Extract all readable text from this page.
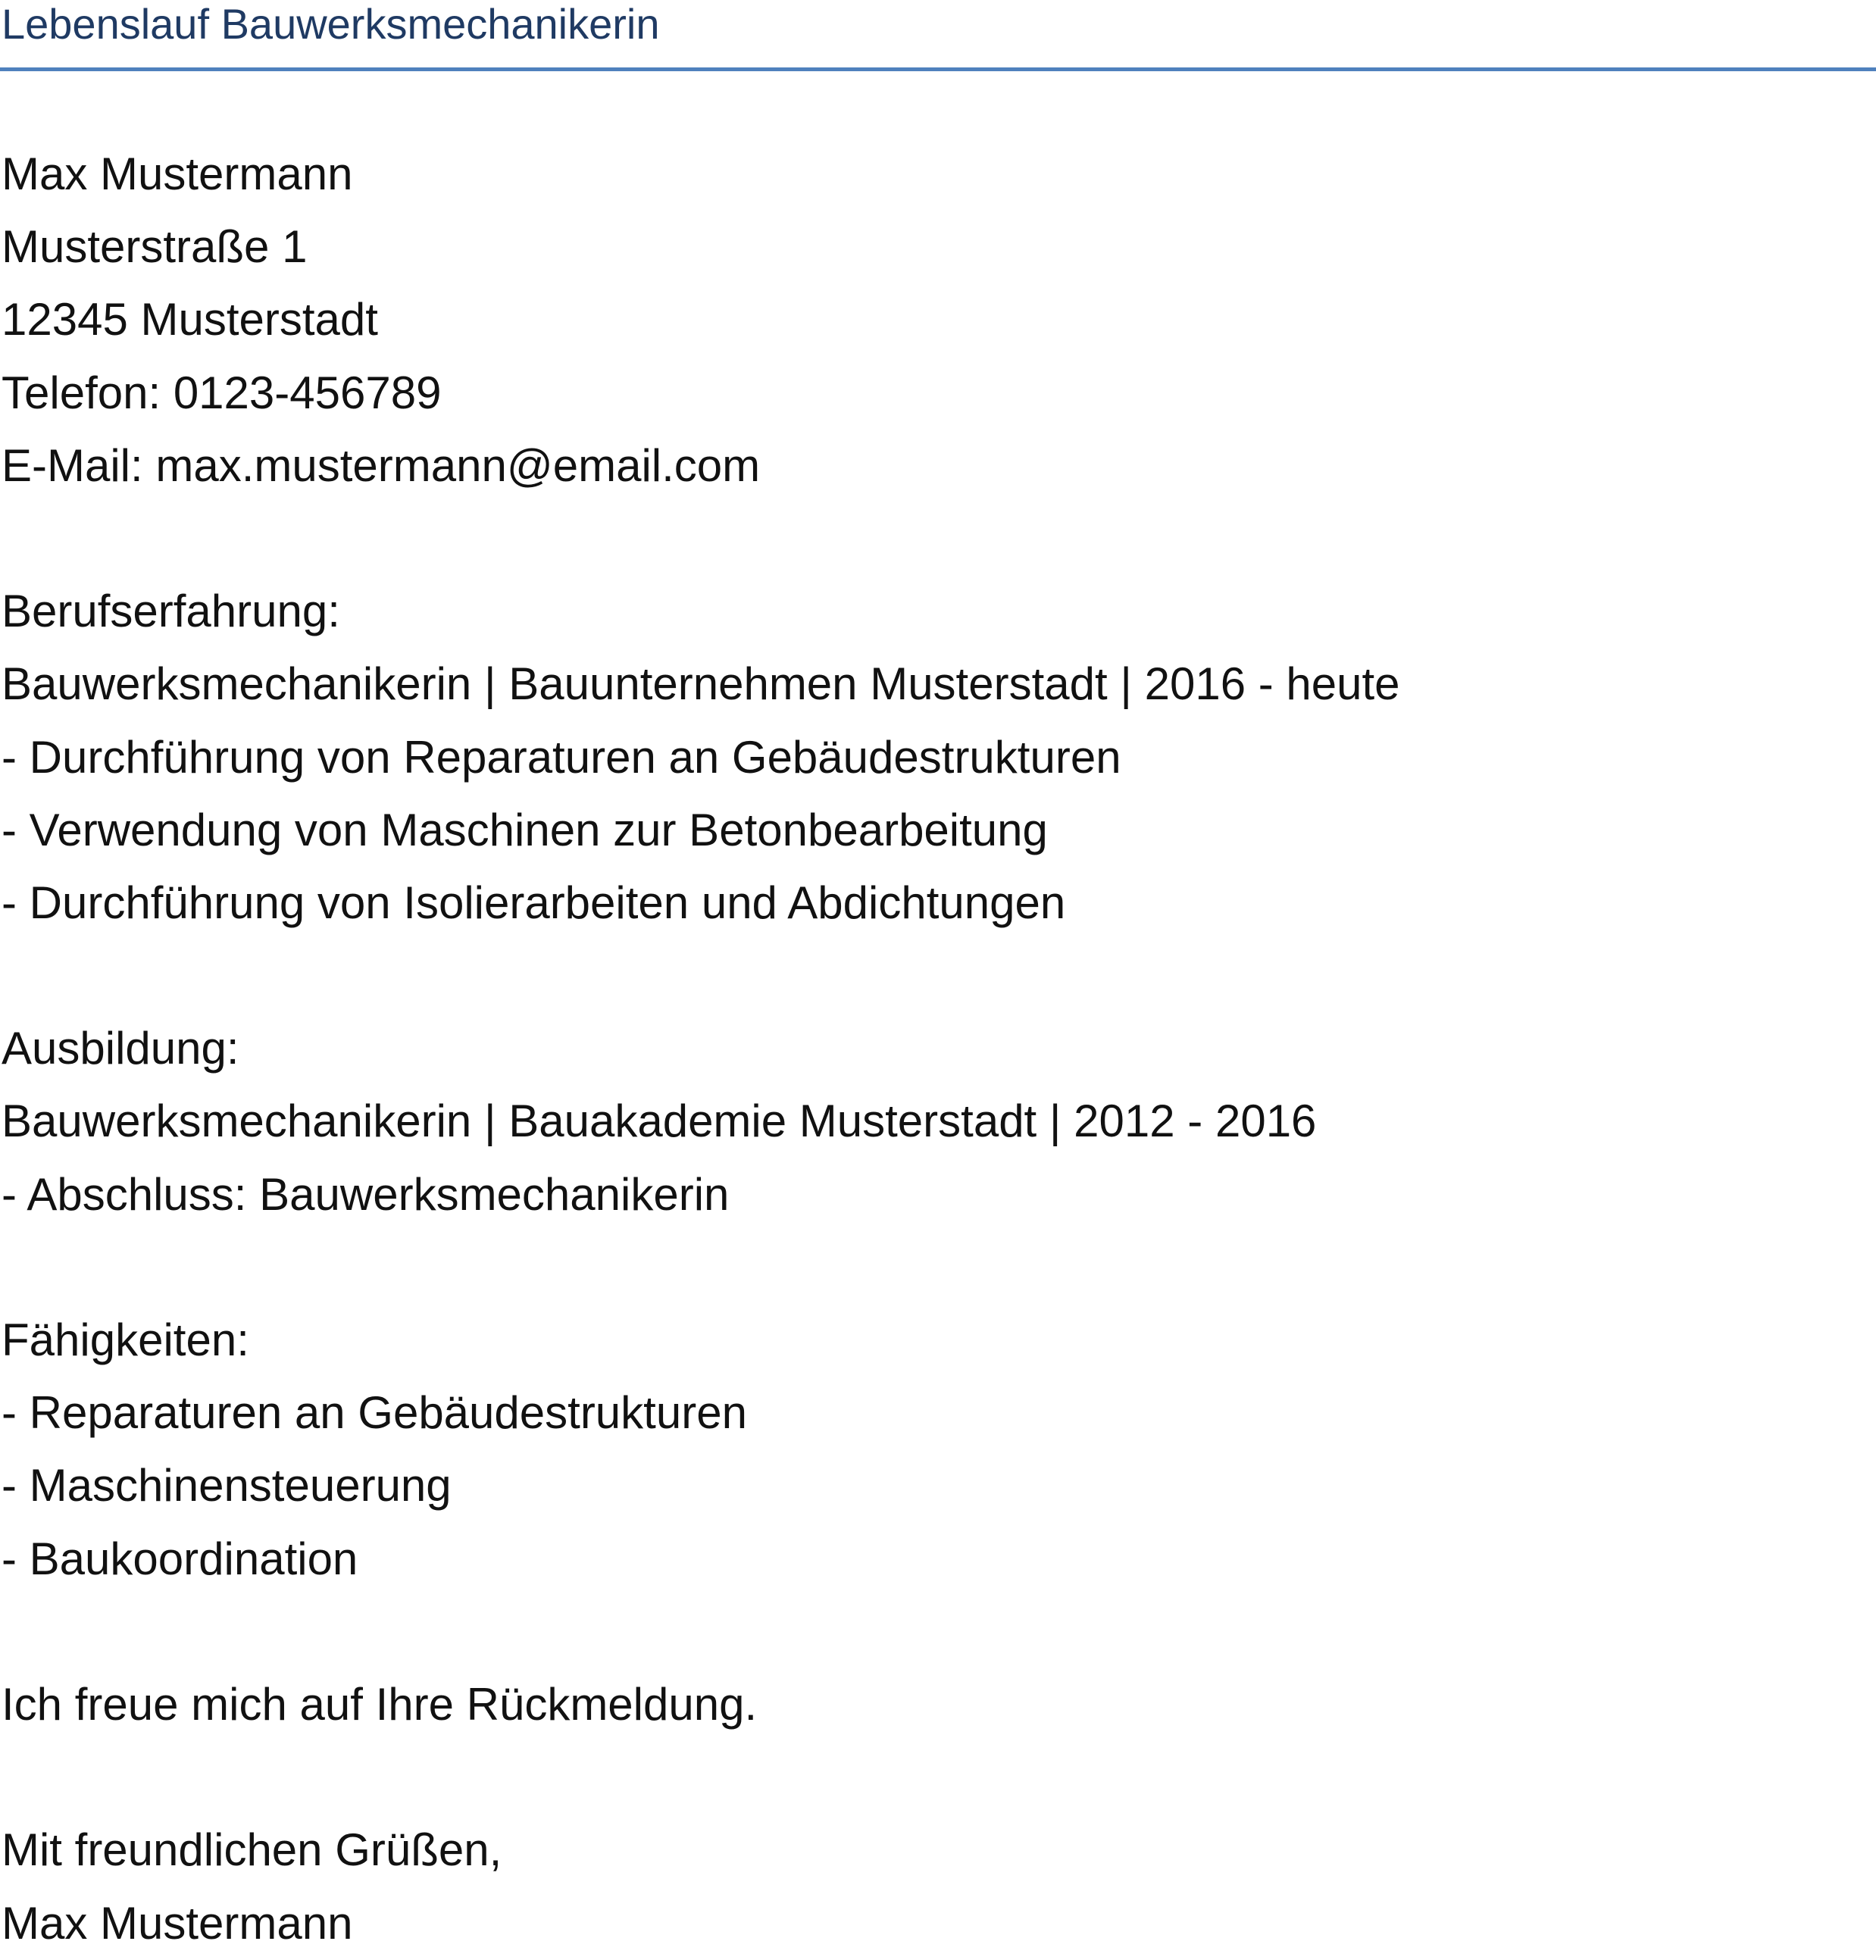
Lebenslauf Bauwerksmechanikerin
Max Mustermann
Musterstraße 1
12345 Musterstadt
Telefon: 0123-456789
E-Mail: max.mustermann@email.com
Berufserfahrung:
Bauwerksmechanikerin | Bauunternehmen Musterstadt | 2016 - heute
- Durchführung von Reparaturen an Gebäudestrukturen
- Verwendung von Maschinen zur Betonbearbeitung
- Durchführung von Isolierarbeiten und Abdichtungen
Ausbildung:
Bauwerksmechanikerin | Bauakademie Musterstadt | 2012 - 2016
- Abschluss: Bauwerksmechanikerin
Fähigkeiten:
- Reparaturen an Gebäudestrukturen
- Maschinensteuerung
- Baukoordination
Ich freue mich auf Ihre Rückmeldung.
Mit freundlichen Grüßen,
Max Mustermann
